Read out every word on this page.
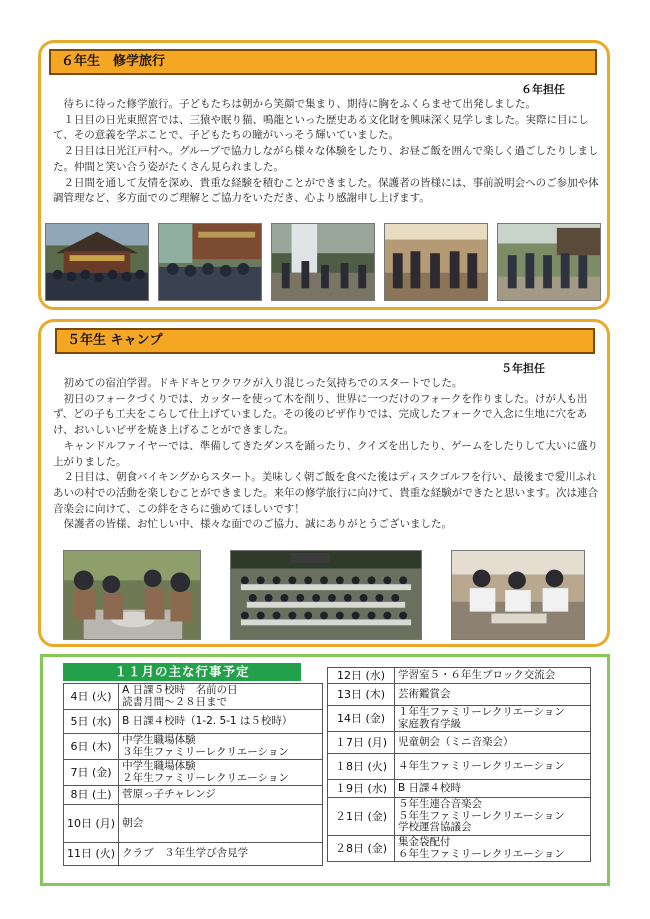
６年生　修学旅行
６年担任

待ちに待った修学旅行。子どもたちは朝から笑顔で集まり、期待に胸をふくらませて出発しました。

１日目の日光東照宮では、三猿や眠り猫、鳴龍といった歴史ある文化財を興味深く見学しました。実際に目にして、その意義を学ぶことで、子どもたちの瞳がいっそう輝いていました。

２日目は日光江戸村へ。グループで協力しながら様々な体験をしたり、お昼ご飯を囲んで楽しく過ごしたりしました。仲間と笑い合う姿がたくさん見られました。

２日間を通して友情を深め、貴重な経験を積むことができました。保護者の皆様には、事前説明会へのご参加や体調管理など、多方面でのご理解とご協力をいただき、心より感謝申し上げます。

５年生 キャンプ
５年担任

初めての宿泊学習。ドキドキとワクワクが入り混じった気持ちでのスタートでした。

初日のフォークづくりでは、カッターを使って木を削り、世界に一つだけのフォークを作りました。けが人も出ず、どの子も工夫をこらして仕上げていました。その後のピザ作りでは、完成したフォークで入念に生地に穴をあけ、おいしいピザを焼き上げることができました。

キャンドルファイヤーでは、準備してきたダンスを踊ったり、クイズを出したり、ゲームをしたりして大いに盛り上がりました。

２日目は、朝食バイキングからスタート。美味しく朝ご飯を食べた後はディスクゴルフを行い、最後まで愛川ふれあいの村での活動を楽しむことができました。来年の修学旅行に向けて、貴重な経験ができたと思います。次は連合音楽会に向けて、この絆をさらに強めてほしいです！

保護者の皆様、お忙しい中、様々な面でのご協力、誠にありがとうございました。

１１月の主な行事予定
4日 (火)	A 日課５校時　名前の日
読書月間～２８日まで

5日 (水)	B 日課４校時（1-2. 5-1 は５校時）

6日 (木)	中学生職場体験
３年生ファミリーレクリエーション

7日 (金)	中学生職場体験
２年生ファミリーレクリエーション

8日 (土)	菅原っ子チャレンジ

10日 (月)	朝会

11日 (火)	クラブ　３年生学び舎見学
12日 (水)	学習室５・６年生ブロック交流会

13日 (木)	芸術鑑賞会

14日 (金)	１年生ファミリーレクリエーション
家庭教育学級

１7日 (月)	児童朝会（ミニ音楽会）

１8日 (火)	４年生ファミリーレクリエーション

１9日 (水)	B 日課４校時

２1日 (金)	５年生連合音楽会
５年生ファミリーレクリエーション
学校運営協議会

２8日 (金)	集金袋配付
６年生ファミリーレクリエーション
